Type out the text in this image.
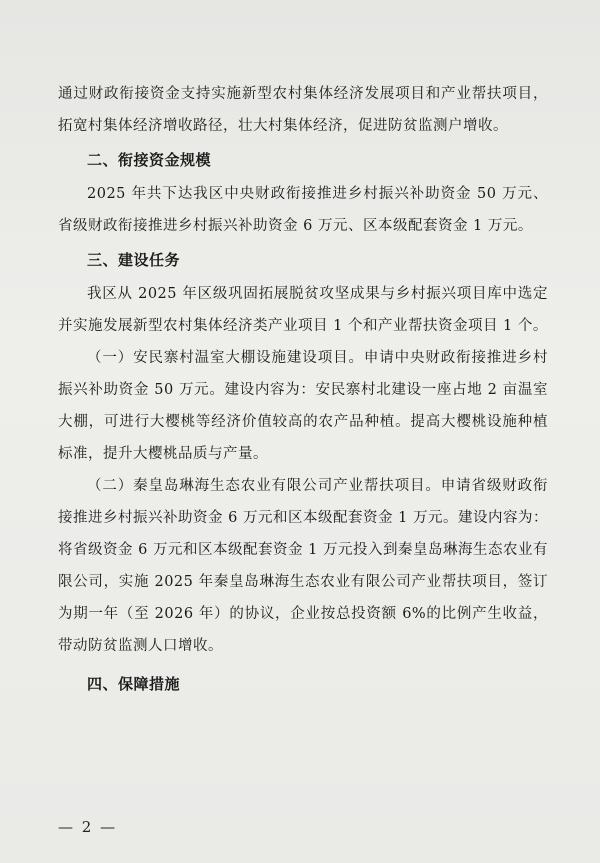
通过财政衔接资金支持实施新型农村集体经济发展项目和产业帮扶项目，拓宽村集体经济增收路径，壮大村集体经济，促进防贫监测户增收。

二、衔接资金规模

2025 年共下达我区中央财政衔接推进乡村振兴补助资金 50 万元、省级财政衔接推进乡村振兴补助资金 6 万元、区本级配套资金 1 万元。

三、建设任务

我区从 2025 年区级巩固拓展脱贫攻坚成果与乡村振兴项目库中选定并实施发展新型农村集体经济类产业项目 1 个和产业帮扶资金项目 1 个。

（一）安民寨村温室大棚设施建设项目。申请中央财政衔接推进乡村振兴补助资金 50 万元。建设内容为：安民寨村北建设一座占地 2 亩温室大棚，可进行大樱桃等经济价值较高的农产品种植。提高大樱桃设施种植标准，提升大樱桃品质与产量。

（二）秦皇岛琳海生态农业有限公司产业帮扶项目。申请省级财政衔接推进乡村振兴补助资金 6 万元和区本级配套资金 1 万元。建设内容为：将省级资金 6 万元和区本级配套资金 1 万元投入到秦皇岛琳海生态农业有限公司，实施 2025 年秦皇岛琳海生态农业有限公司产业帮扶项目，签订为期一年（至 2026 年）的协议，企业按总投资额 6%的比例产生收益，带动防贫监测人口增收。

四、保障措施

— 2 —
